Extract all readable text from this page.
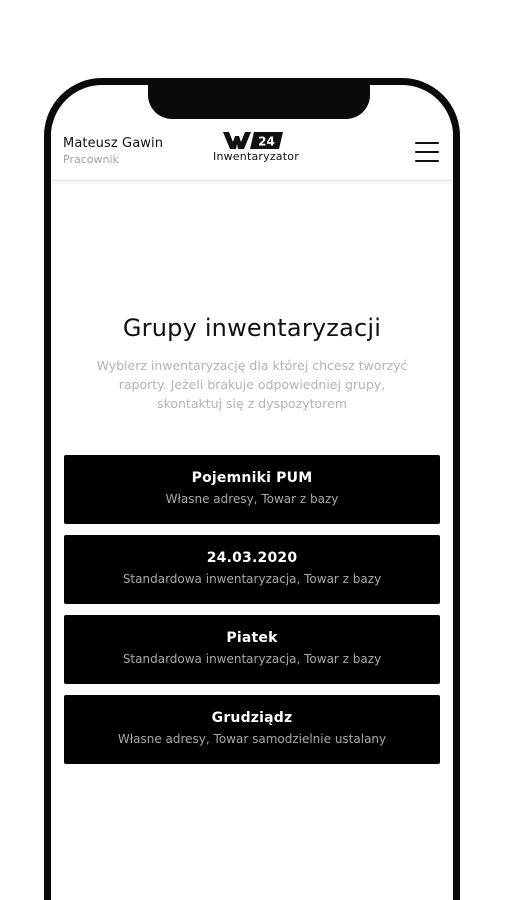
Mateusz Gawin
Pracownik
24
Inwentaryzator
Grupy inwentaryzacji
Wybierz inwentaryzację dla której chcesz tworzyć raporty. Jeżeli brakuje odpowiedniej grupy, skontaktuj się z dyspozytorem
Pojemniki PUM
Własne adresy, Towar z bazy
24.03.2020
Standardowa inwentaryzacja, Towar z bazy
Piatek
Standardowa inwentaryzacja, Towar z bazy
Grudziądz
Własne adresy, Towar samodzielnie ustalany
